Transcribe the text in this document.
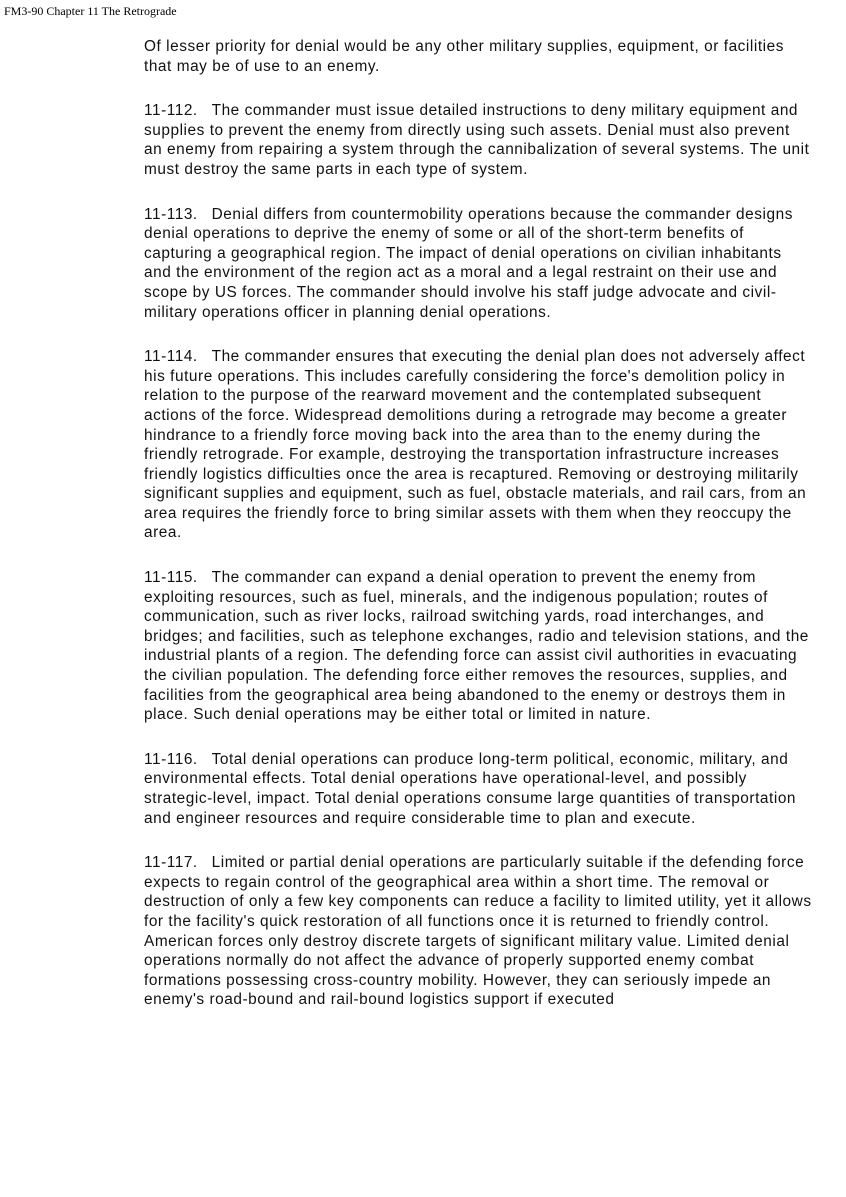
FM3-90 Chapter 11 The Retrograde

Of lesser priority for denial would be any other military supplies, equipment, or facilities that may be of use to an enemy.

11-112. The commander must issue detailed instructions to deny military equipment and supplies to prevent the enemy from directly using such assets. Denial must also prevent an enemy from repairing a system through the cannibalization of several systems. The unit must destroy the same parts in each type of system.

11-113. Denial differs from countermobility operations because the commander designs denial operations to deprive the enemy of some or all of the short-term benefits of capturing a geographical region. The impact of denial operations on civilian inhabitants and the environment of the region act as a moral and a legal restraint on their use and scope by US forces. The commander should involve his staff judge advocate and civil-military operations officer in planning denial operations.

11-114. The commander ensures that executing the denial plan does not adversely affect his future operations. This includes carefully considering the force's demolition policy in relation to the purpose of the rearward movement and the contemplated subsequent actions of the force. Widespread demolitions during a retrograde may become a greater hindrance to a friendly force moving back into the area than to the enemy during the friendly retrograde. For example, destroying the transportation infrastructure increases friendly logistics difficulties once the area is recaptured. Removing or destroying militarily significant supplies and equipment, such as fuel, obstacle materials, and rail cars, from an area requires the friendly force to bring similar assets with them when they reoccupy the area.

11-115. The commander can expand a denial operation to prevent the enemy from exploiting resources, such as fuel, minerals, and the indigenous population; routes of communication, such as river locks, railroad switching yards, road interchanges, and bridges; and facilities, such as telephone exchanges, radio and television stations, and the industrial plants of a region. The defending force can assist civil authorities in evacuating the civilian population. The defending force either removes the resources, supplies, and facilities from the geographical area being abandoned to the enemy or destroys them in place. Such denial operations may be either total or limited in nature.

11-116. Total denial operations can produce long-term political, economic, military, and environmental effects. Total denial operations have operational-level, and possibly strategic-level, impact. Total denial operations consume large quantities of transportation and engineer resources and require considerable time to plan and execute.

11-117. Limited or partial denial operations are particularly suitable if the defending force expects to regain control of the geographical area within a short time. The removal or destruction of only a few key components can reduce a facility to limited utility, yet it allows for the facility's quick restoration of all functions once it is returned to friendly control. American forces only destroy discrete targets of significant military value. Limited denial operations normally do not affect the advance of properly supported enemy combat formations possessing cross-country mobility. However, they can seriously impede an enemy's road-bound and rail-bound logistics support if executed
